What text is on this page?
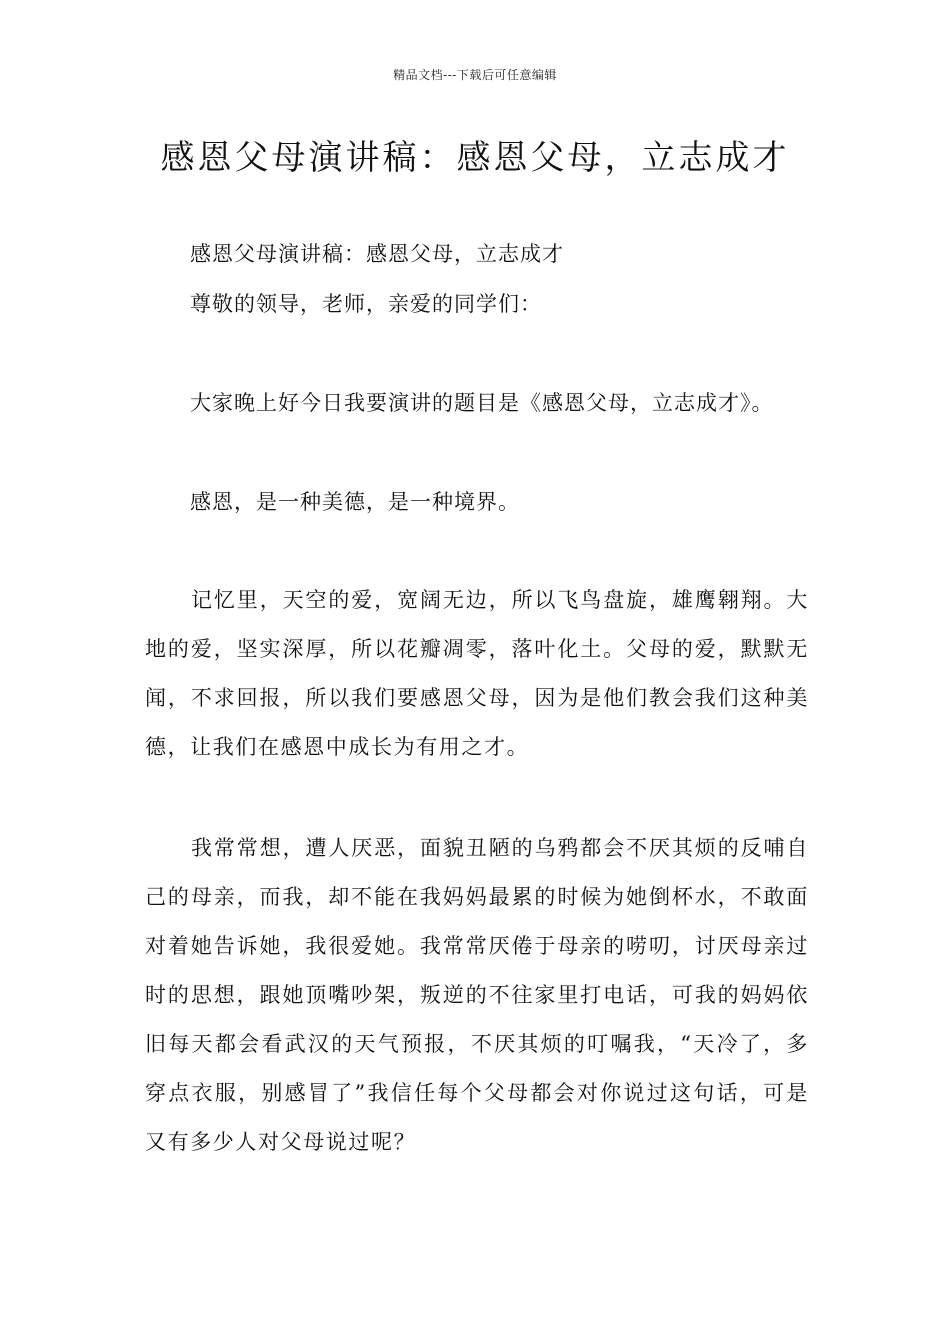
精品文档---下载后可任意编辑
感恩父母演讲稿：感恩父母，立志成才
感恩父母演讲稿：感恩父母，立志成才
尊敬的领导，老师，亲爱的同学们：
大家晚上好今日我要演讲的题目是《感恩父母，立志成才》。
感恩，是一种美德，是一种境界。

记忆里，天空的爱，宽阔无边，所以飞鸟盘旋，雄鹰翱翔。大地的爱，坚实深厚，所以花瓣凋零，落叶化土。父母的爱，默默无闻，不求回报，所以我们要感恩父母，因为是他们教会我们这种美德，让我们在感恩中成长为有用之才。

我常常想，遭人厌恶，面貌丑陋的乌鸦都会不厌其烦的反哺自己的母亲，而我，却不能在我妈妈最累的时候为她倒杯水，不敢面对着她告诉她，我很爱她。我常常厌倦于母亲的唠叨，讨厌母亲过时的思想，跟她顶嘴吵架，叛逆的不往家里打电话，可我的妈妈依旧每天都会看武汉的天气预报，不厌其烦的叮嘱我，“天冷了，多穿点衣服，别感冒了”我信任每个父母都会对你说过这句话，可是又有多少人对父母说过呢？
